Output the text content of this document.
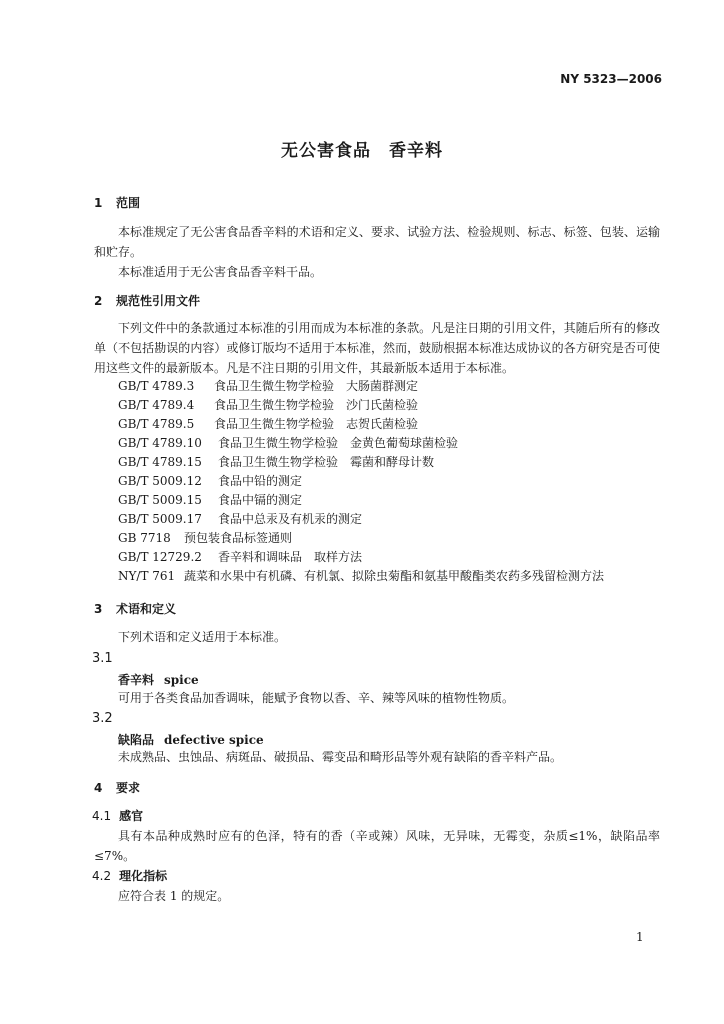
NY 5323—2006
无公害食品 香辛料
1 范围
本标准规定了无公害食品香辛料的术语和定义、要求、试验方法、检验规则、标志、标签、包装、运输和贮存。
本标准适用于无公害食品香辛料干品。
2 规范性引用文件
下列文件中的条款通过本标准的引用而成为本标准的条款。凡是注日期的引用文件，其随后所有的修改单（不包括勘误的内容）或修订版均不适用于本标准，然而，鼓励根据本标准达成协议的各方研究是否可使用这些文件的最新版本。凡是不注日期的引用文件，其最新版本适用于本标准。
GB/T 4789.3 食品卫生微生物学检验　大肠菌群测定
GB/T 4789.4 食品卫生微生物学检验　沙门氏菌检验
GB/T 4789.5 食品卫生微生物学检验　志贺氏菌检验
GB/T 4789.10 食品卫生微生物学检验　金黄色葡萄球菌检验
GB/T 4789.15 食品卫生微生物学检验　霉菌和酵母计数
GB/T 5009.12 食品中铅的测定
GB/T 5009.15 食品中镉的测定
GB/T 5009.17 食品中总汞及有机汞的测定
GB 7718 预包装食品标签通则
GB/T 12729.2 香辛料和调味品　取样方法
NY/T 761 蔬菜和水果中有机磷、有机氯、拟除虫菊酯和氨基甲酸酯类农药多残留检测方法
3 术语和定义
下列术语和定义适用于本标准。
3.1
香辛料 spice
可用于各类食品加香调味，能赋予食物以香、辛、辣等风味的植物性物质。
3.2
缺陷品 defective spice
未成熟品、虫蚀品、病斑品、破损品、霉变品和畸形品等外观有缺陷的香辛料产品。
4 要求
4.1 感官
具有本品种成熟时应有的色泽，特有的香（辛或辣）风味，无异味，无霉变，杂质≤1%，缺陷品率≤7%。
4.2 理化指标
应符合表 1 的规定。
1
